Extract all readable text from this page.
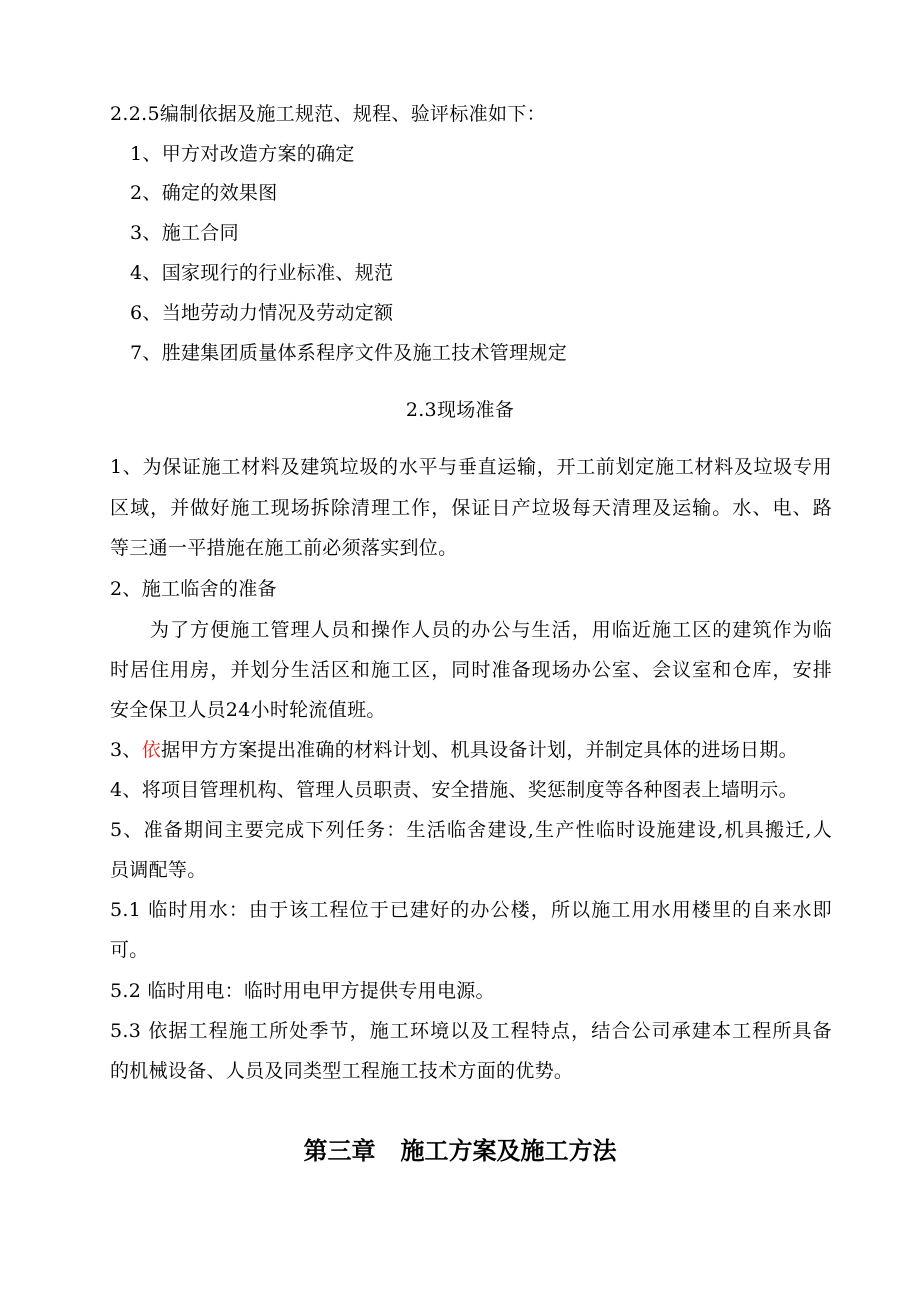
2.2.5编制依据及施工规范、规程、验评标准如下：
1、甲方对改造方案的确定
2、确定的效果图
3、施工合同
4、国家现行的行业标准、规范
6、当地劳动力情况及劳动定额
7、胜建集团质量体系程序文件及施工技术管理规定
2.3现场准备
1、为保证施工材料及建筑垃圾的水平与垂直运输，开工前划定施工材料及垃圾专用
区域，并做好施工现场拆除清理工作，保证日产垃圾每天清理及运输。水、电、路
等三通一平措施在施工前必须落实到位。
2、施工临舍的准备
为了方便施工管理人员和操作人员的办公与生活，用临近施工区的建筑作为临
时居住用房，并划分生活区和施工区，同时准备现场办公室、会议室和仓库，安排
安全保卫人员24小时轮流值班。
3、依据甲方方案提出准确的材料计划、机具设备计划，并制定具体的进场日期。
4、将项目管理机构、管理人员职责、安全措施、奖惩制度等各种图表上墙明示。
5、准备期间主要完成下列任务：生活临舍建设,生产性临时设施建设,机具搬迁,人
员调配等。
5.1 临时用水：由于该工程位于已建好的办公楼，所以施工用水用楼里的自来水即
可。
5.2 临时用电：临时用电甲方提供专用电源。
5.3 依据工程施工所处季节，施工环境以及工程特点，结合公司承建本工程所具备
的机械设备、人员及同类型工程施工技术方面的优势。
第三章 施工方案及施工方法
